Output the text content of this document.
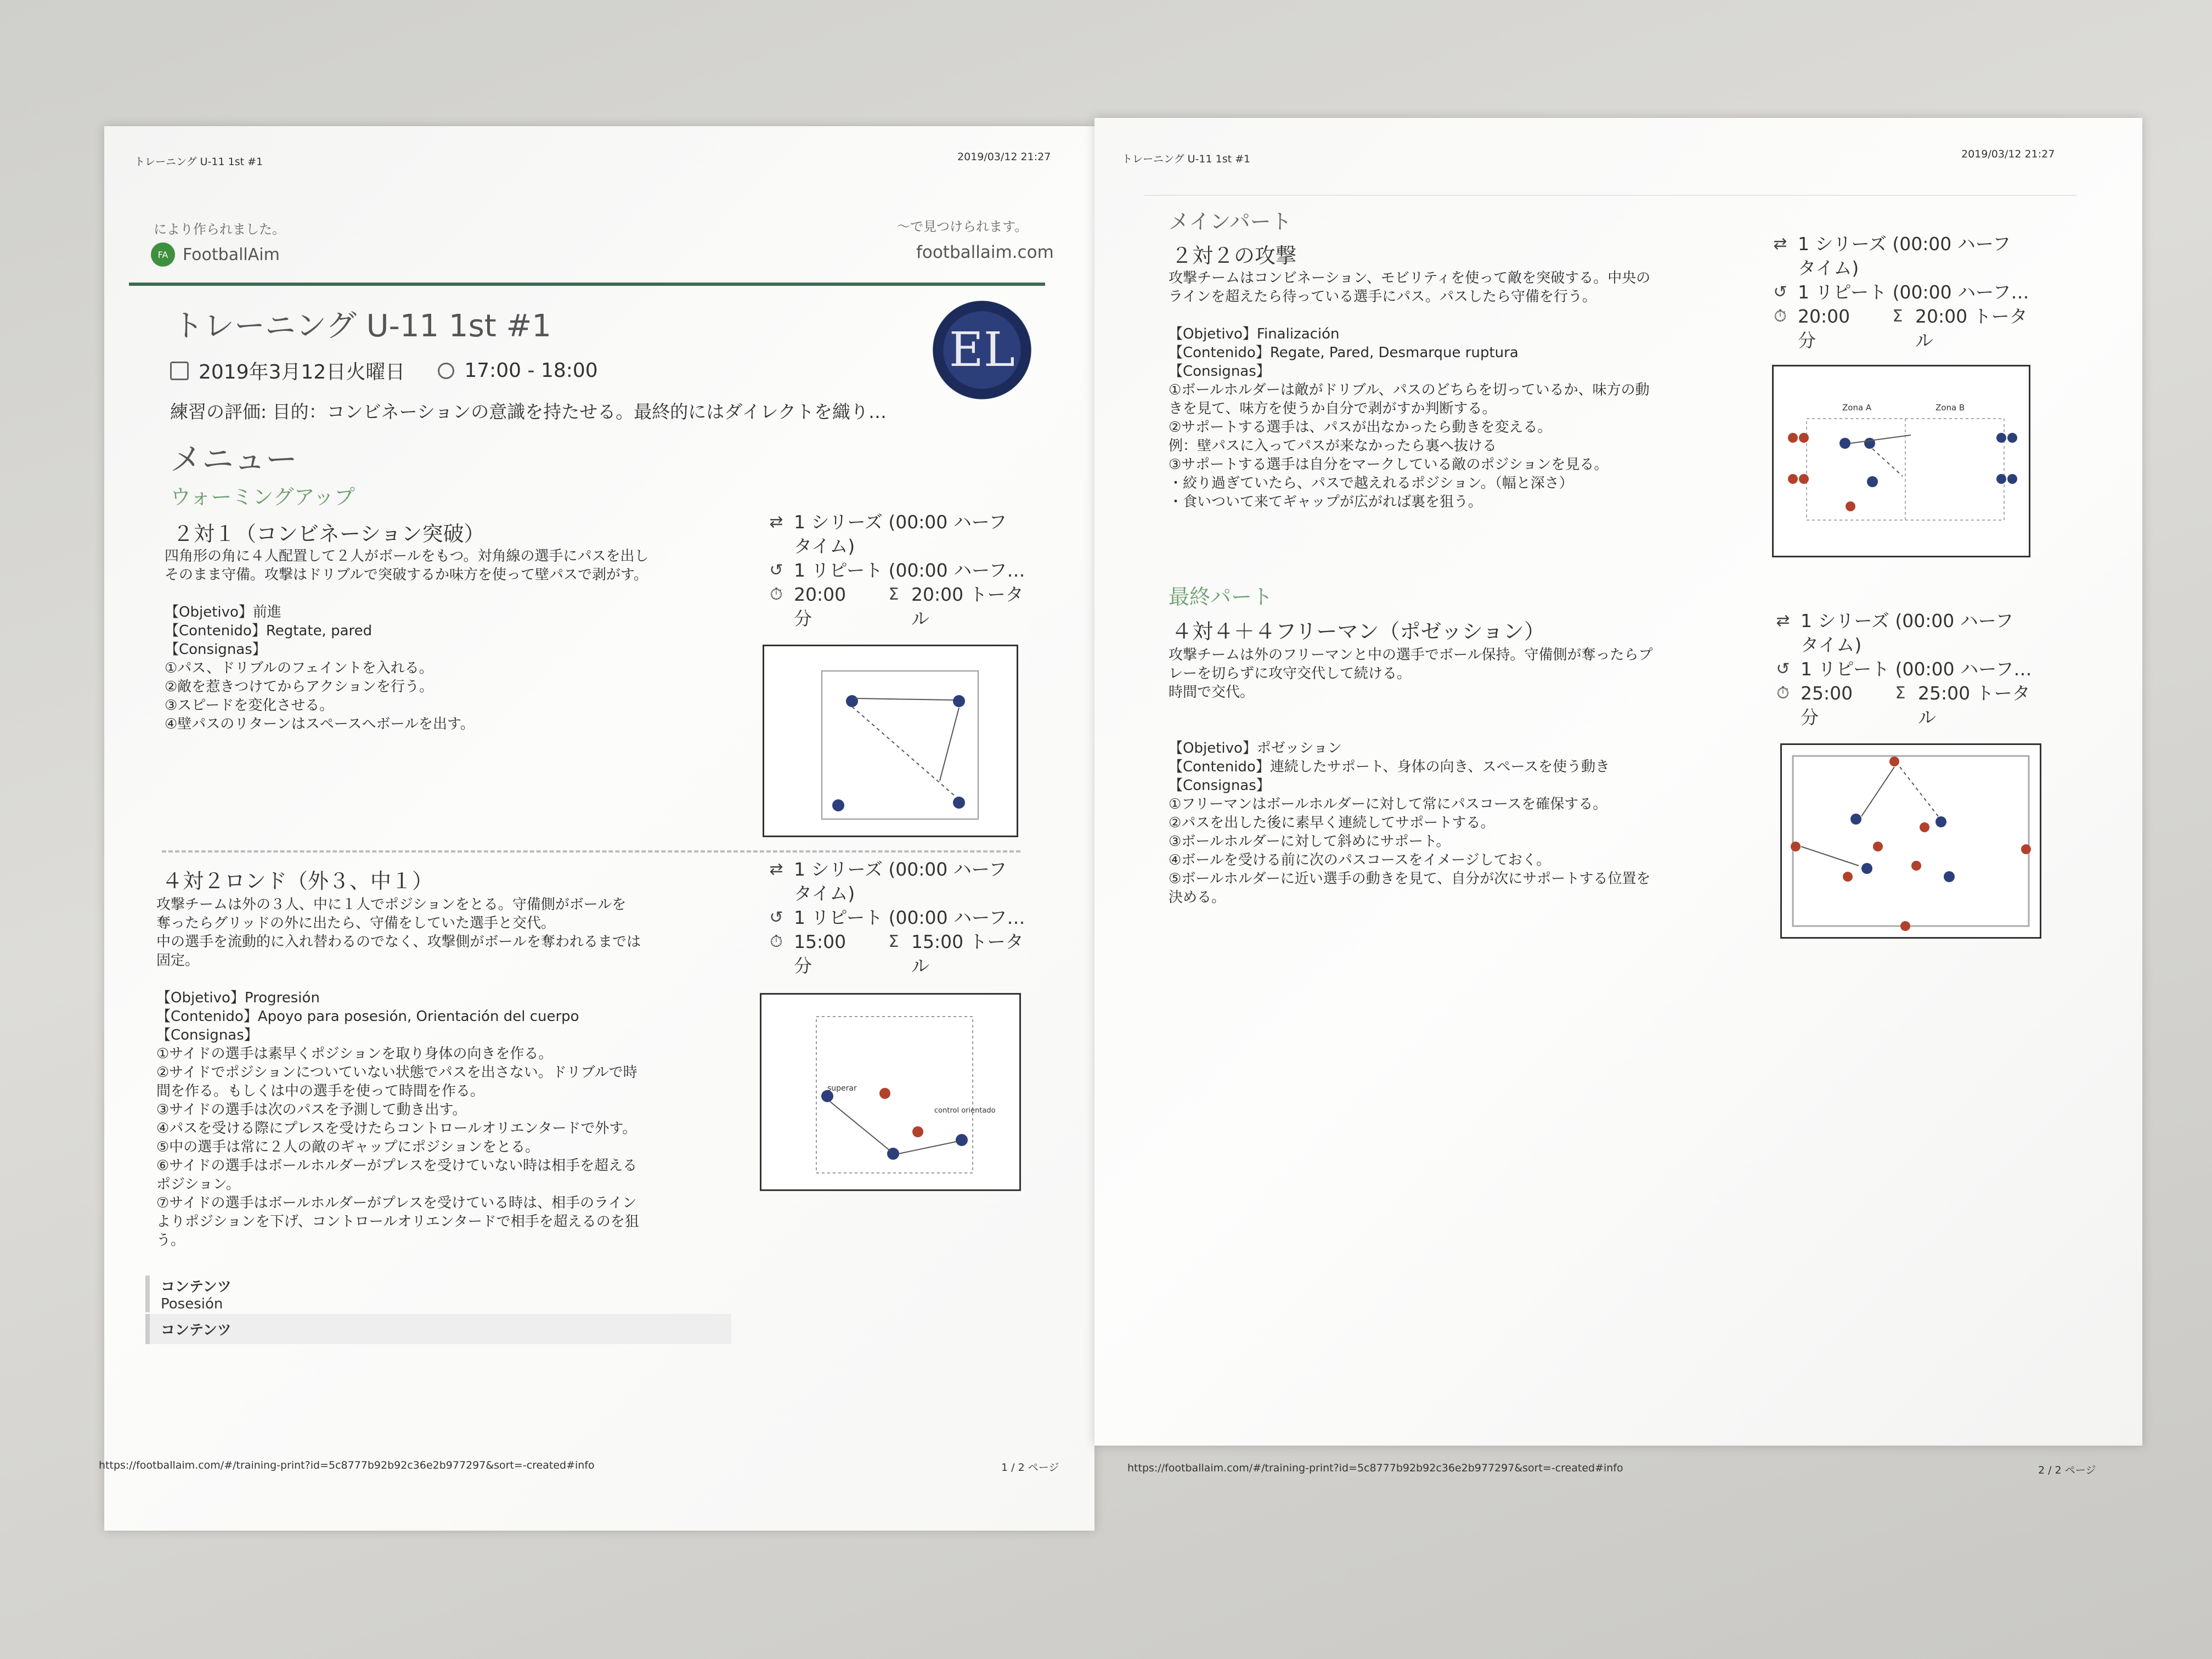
トレーニング U-11 1st #1	2019/03/12 21:27
により作られました。	〜で見つけられます。
FA FootballAim	footballaim.com
トレーニング U-11 1st #1	EL
2019年3月12日火曜日	17:00 - 18:00
練習の評価: 目的：コンビネーションの意識を持たせる。最終的にはダイレクトを織り…
メニュー
ウォーミングアップ
２対１（コンビネーション突破）
四角形の角に４人配置して２人がボールをもつ。対角線の選手にパスを出し
そのまま守備。攻撃はドリブルで突破するか味方を使って壁パスで剥がす。

【Objetivo】前進
【Contenido】Regtate, pared
【Consignas】
①パス、ドリブルのフェイントを入れる。
②敵を惹きつけてからアクションを行う。
③スピードを変化させる。
④壁パスのリターンはスペースへボールを出す。
⇄ 1 シリーズ (00:00 ハーフ
タイム)
↺ 1 リピート (00:00 ハーフ…
⏱ 20:00
分
Σ 20:00 トータ
ル
４対２ロンド（外３、中１）
攻撃チームは外の３人、中に１人でポジションをとる。守備側がボールを
奪ったらグリッドの外に出たら、守備をしていた選手と交代。
中の選手を流動的に入れ替わるのでなく、攻撃側がボールを奪われるまでは
固定。

【Objetivo】Progresión
【Contenido】Apoyo para posesión, Orientación del cuerpo
【Consignas】
①サイドの選手は素早くポジションを取り身体の向きを作る。
②サイドでポジションについていない状態でパスを出さない。ドリブルで時
間を作る。もしくは中の選手を使って時間を作る。
③サイドの選手は次のパスを予測して動き出す。
④パスを受ける際にプレスを受けたらコントロールオリエンタードで外す。
⑤中の選手は常に２人の敵のギャップにポジションをとる。
⑥サイドの選手はボールホルダーがプレスを受けていない時は相手を超える
ポジション。
⑦サイドの選手はボールホルダーがプレスを受けている時は、相手のライン
よりポジションを下げ、コントロールオリエンタードで相手を超えるのを狙
う。
⇄ 1 シリーズ (00:00 ハーフ
タイム)
↺ 1 リピート (00:00 ハーフ…
⏱ 15:00
分
Σ 15:00 トータ
ル
superar
control orientado
コンテンツ
Posesión
コンテンツ
https://footballaim.com/#/training-print?id=5c8777b92b92c36e2b977297&sort=-created#info	1 / 2 ページ
トレーニング U-11 1st #1	2019/03/12 21:27
メインパート
２対２の攻撃
攻撃チームはコンビネーション、モビリティを使って敵を突破する。中央の
ラインを超えたら待っている選手にパス。パスしたら守備を行う。

【Objetivo】Finalización
【Contenido】Regate, Pared, Desmarque ruptura
【Consignas】
①ボールホルダーは敵がドリブル、パスのどちらを切っているか、味方の動
きを見て、味方を使うか自分で剥がすか判断する。
②サポートする選手は、パスが出なかったら動きを変える。
例：壁パスに入ってパスが来なかったら裏へ抜ける
③サポートする選手は自分をマークしている敵のポジションを見る。
・絞り過ぎていたら、パスで越えれるポジション。（幅と深さ）
・食いついて来てギャップが広がれば裏を狙う。
⇄ 1 シリーズ (00:00 ハーフ
タイム)
↺ 1 リピート (00:00 ハーフ…
⏱ 20:00
分
Σ 20:00 トータ
ル
Zona A	Zona B
最終パート
４対４＋４フリーマン（ポゼッション）
攻撃チームは外のフリーマンと中の選手でボール保持。守備側が奪ったらプ
レーを切らずに攻守交代して続ける。
時間で交代。

【Objetivo】ポゼッション
【Contenido】連続したサポート、身体の向き、スペースを使う動き
【Consignas】
①フリーマンはボールホルダーに対して常にパスコースを確保する。
②パスを出した後に素早く連続してサポートする。
③ボールホルダーに対して斜めにサポート。
④ボールを受ける前に次のパスコースをイメージしておく。
⑤ボールホルダーに近い選手の動きを見て、自分が次にサポートする位置を
決める。
⇄ 1 シリーズ (00:00 ハーフ
タイム)
↺ 1 リピート (00:00 ハーフ…
⏱ 25:00
分
Σ 25:00 トータ
ル
https://footballaim.com/#/training-print?id=5c8777b92b92c36e2b977297&sort=-created#info	2 / 2 ページ
